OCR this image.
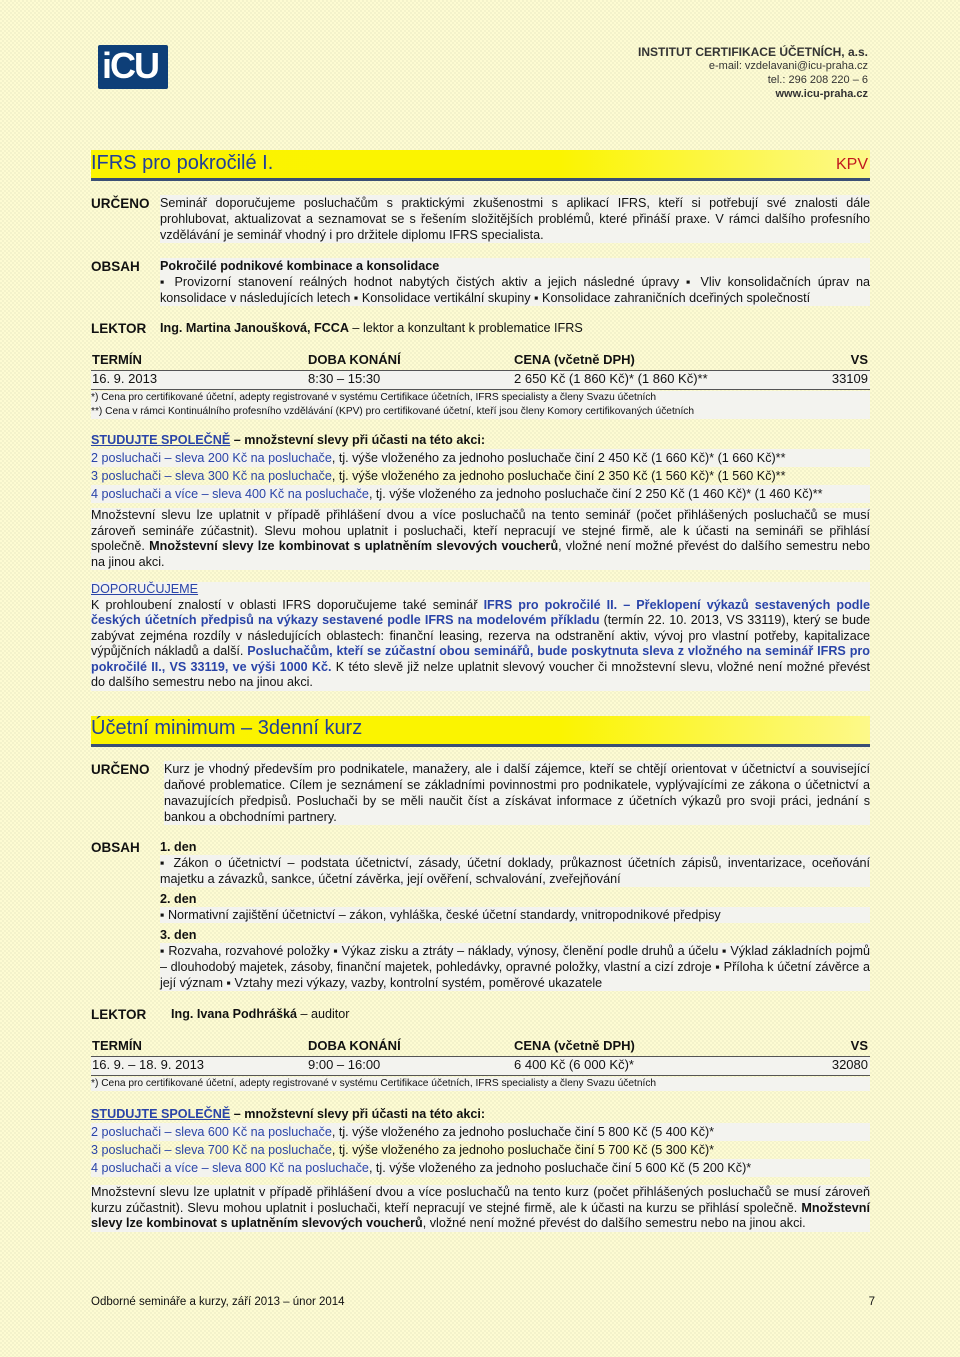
iCU	INSTITUT CERTIFIKACE ÚČETNÍCH, a.s.
e-mail: vzdelavani@icu-praha.cz
tel.: 296 208 220 – 6
www.icu-praha.cz
IFRS pro pokročilé I.	KPV
URČENO Seminář doporučujeme posluchačům s praktickými zkušenostmi s aplikací IFRS, kteří si potřebují své znalosti dále prohlubovat, aktualizovat a seznamovat se s řešením složitějších problémů, které přináší praxe. V rámci dalšího profesního vzdělávání je seminář vhodný i pro držitele diplomu IFRS specialista.
OBSAH Pokročilé podnikové kombinace a konsolidace
▪ Provizorní stanovení reálných hodnot nabytých čistých aktiv a jejich následné úpravy ▪ Vliv konsolidačních úprav na konsolidace v následujících letech ▪ Konsolidace vertikální skupiny ▪ Konsolidace zahraničních dceřiných společností
LEKTOR Ing. Martina Janoušková, FCCA – lektor a konzultant k problematice IFRS
TERMÍN	DOBA KONÁNÍ	CENA (včetně DPH)	VS
16. 9. 2013	8:30 – 15:30	2 650 Kč (1 860 Kč)* (1 860 Kč)**	33109
*) Cena pro certifikované účetní, adepty registrované v systému Certifikace účetních, IFRS specialisty a členy Svazu účetních
**) Cena v rámci Kontinuálního profesního vzdělávání (KPV) pro certifikované účetní, kteří jsou členy Komory certifikovaných účetních
STUDUJTE SPOLEČNĚ – množstevní slevy při účasti na této akci:
2 posluchači – sleva 200 Kč na posluchače, tj. výše vloženého za jednoho posluchače činí 2 450 Kč (1 660 Kč)* (1 660 Kč)**
3 posluchači – sleva 300 Kč na posluchače, tj. výše vloženého za jednoho posluchače činí 2 350 Kč (1 560 Kč)* (1 560 Kč)**
4 posluchači a více – sleva 400 Kč na posluchače, tj. výše vloženého za jednoho posluchače činí 2 250 Kč (1 460 Kč)* (1 460 Kč)**
Množstevní slevu lze uplatnit v případě přihlášení dvou a více posluchačů na tento seminář (počet přihlášených posluchačů se musí zároveň semináře zúčastnit). Slevu mohou uplatnit i posluchači, kteří nepracují ve stejné firmě, ale k účasti na semináři se přihlásí společně. Množstevní slevy lze kombinovat s uplatněním slevových voucherů, vložné není možné převést do dalšího semestru nebo na jinou akci.
DOPORUČUJEME
K prohloubení znalostí v oblasti IFRS doporučujeme také seminář IFRS pro pokročilé II. – Překlopení výkazů sestavených podle českých účetních předpisů na výkazy sestavené podle IFRS na modelovém příkladu (termín 22. 10. 2013, VS 33119), který se bude zabývat zejména rozdíly v následujících oblastech: finanční leasing, rezerva na odstranění aktiv, vývoj pro vlastní potřeby, kapitalizace výpůjčních nákladů a další. Posluchačům, kteří se zúčastní obou seminářů, bude poskytnuta sleva z vložného na seminář IFRS pro pokročilé II., VS 33119, ve výši 1000 Kč. K této slevě již nelze uplatnit slevový voucher či množstevní slevu, vložné není možné převést do dalšího semestru nebo na jinou akci.
Účetní minimum – 3denní kurz
URČENO Kurz je vhodný především pro podnikatele, manažery, ale i další zájemce, kteří se chtějí orientovat v účetnictví a související daňové problematice. Cílem je seznámení se základními povinnostmi pro podnikatele, vyplývajícími ze zákona o účetnictví a navazujících předpisů. Posluchači by se měli naučit číst a získávat informace z účetních výkazů pro svoji práci, jednání s bankou a obchodními partnery.
OBSAH 1. den
▪ Zákon o účetnictví – podstata účetnictví, zásady, účetní doklady, průkaznost účetních zápisů, inventarizace, oceňování majetku a závazků, sankce, účetní závěrka, její ověření, schvalování, zveřejňování
2. den
▪ Normativní zajištění účetnictví – zákon, vyhláška, české účetní standardy, vnitropodnikové předpisy
3. den
▪ Rozvaha, rozvahové položky ▪ Výkaz zisku a ztráty – náklady, výnosy, členění podle druhů a účelu ▪ Výklad základních pojmů – dlouhodobý majetek, zásoby, finanční majetek, pohledávky, opravné položky, vlastní a cizí zdroje ▪ Příloha k účetní závěrce a její význam ▪ Vztahy mezi výkazy, vazby, kontrolní systém, poměrové ukazatele
LEKTOR Ing. Ivana Podhrášká – auditor
TERMÍN	DOBA KONÁNÍ	CENA (včetně DPH)	VS
16. 9. – 18. 9. 2013	9:00 – 16:00	6 400 Kč (6 000 Kč)*	32080
*) Cena pro certifikované účetní, adepty registrované v systému Certifikace účetních, IFRS specialisty a členy Svazu účetních
STUDUJTE SPOLEČNĚ – množstevní slevy při účasti na této akci:
2 posluchači – sleva 600 Kč na posluchače, tj. výše vloženého za jednoho posluchače činí 5 800 Kč (5 400 Kč)*
3 posluchači – sleva 700 Kč na posluchače, tj. výše vloženého za jednoho posluchače činí 5 700 Kč (5 300 Kč)*
4 posluchači a více – sleva 800 Kč na posluchače, tj. výše vloženého za jednoho posluchače činí 5 600 Kč (5 200 Kč)*
Množstevní slevu lze uplatnit v případě přihlášení dvou a více posluchačů na tento kurz (počet přihlášených posluchačů se musí zároveň kurzu zúčastnit). Slevu mohou uplatnit i posluchači, kteří nepracují ve stejné firmě, ale k účasti na kurzu se přihlásí společně. Množstevní slevy lze kombinovat s uplatněním slevových voucherů, vložné není možné převést do dalšího semestru nebo na jinou akci.
Odborné semináře a kurzy, září 2013 – únor 2014	7
